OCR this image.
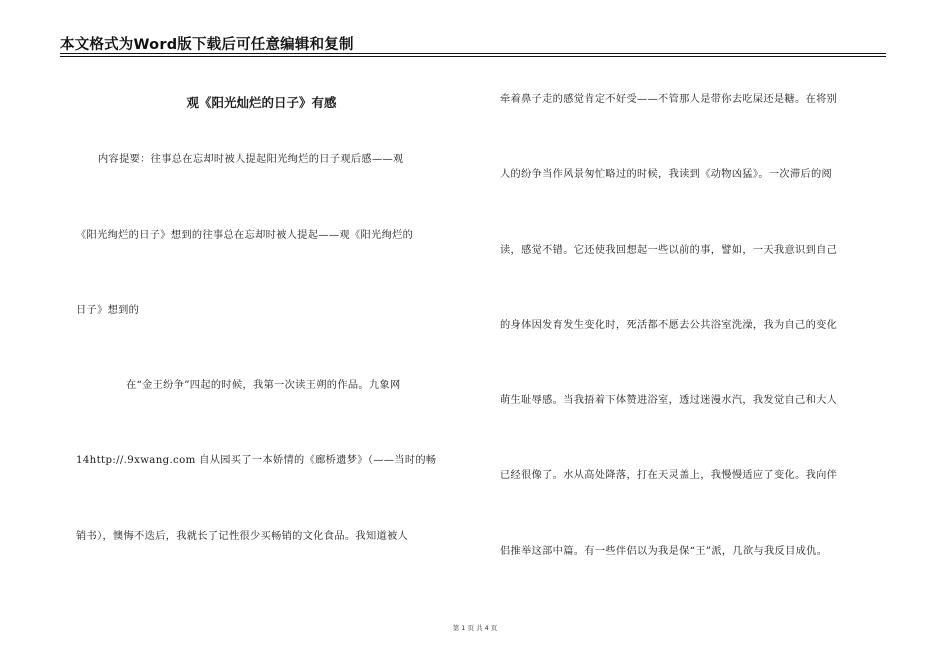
本文格式为Word版下载后可任意编辑和复制
观《阳光灿烂的日子》有感
内容提要：往事总在忘却时被人提起阳光绚烂的日子观后感——观
《阳光绚烂的日子》想到的往事总在忘却时被人提起——观《阳光绚烂的
日子》想到的
在“金王纷争”四起的时候，我第一次读王朔的作品。九象网
14http://.9xwang.com 自从园买了一本娇情的《廊桥遗梦》（——当时的畅
销书），懊悔不迭后，我就长了记性很少买畅销的文化食品。我知道被人
牵着鼻子走的感觉肯定不好受——不管那人是带你去吃屎还是糖。在将别
人的纷争当作风景匆忙略过的时候，我读到《动物凶猛》。一次滞后的阅
读，感觉不错。它还使我回想起一些以前的事，譬如，一天我意识到自己
的身体因发育发生变化时，死活都不愿去公共浴室洗澡，我为自己的变化
萌生耻辱感。当我捂着下体赞进浴室，透过迷漫水汽，我发觉自己和大人
已经很像了。水从高处降落，打在天灵盖上，我慢慢适应了变化。我向伴
侣推举这部中篇。有一些伴侣以为我是保“王”派，几欲与我反目成仇。
第 1 页 共 4 页
